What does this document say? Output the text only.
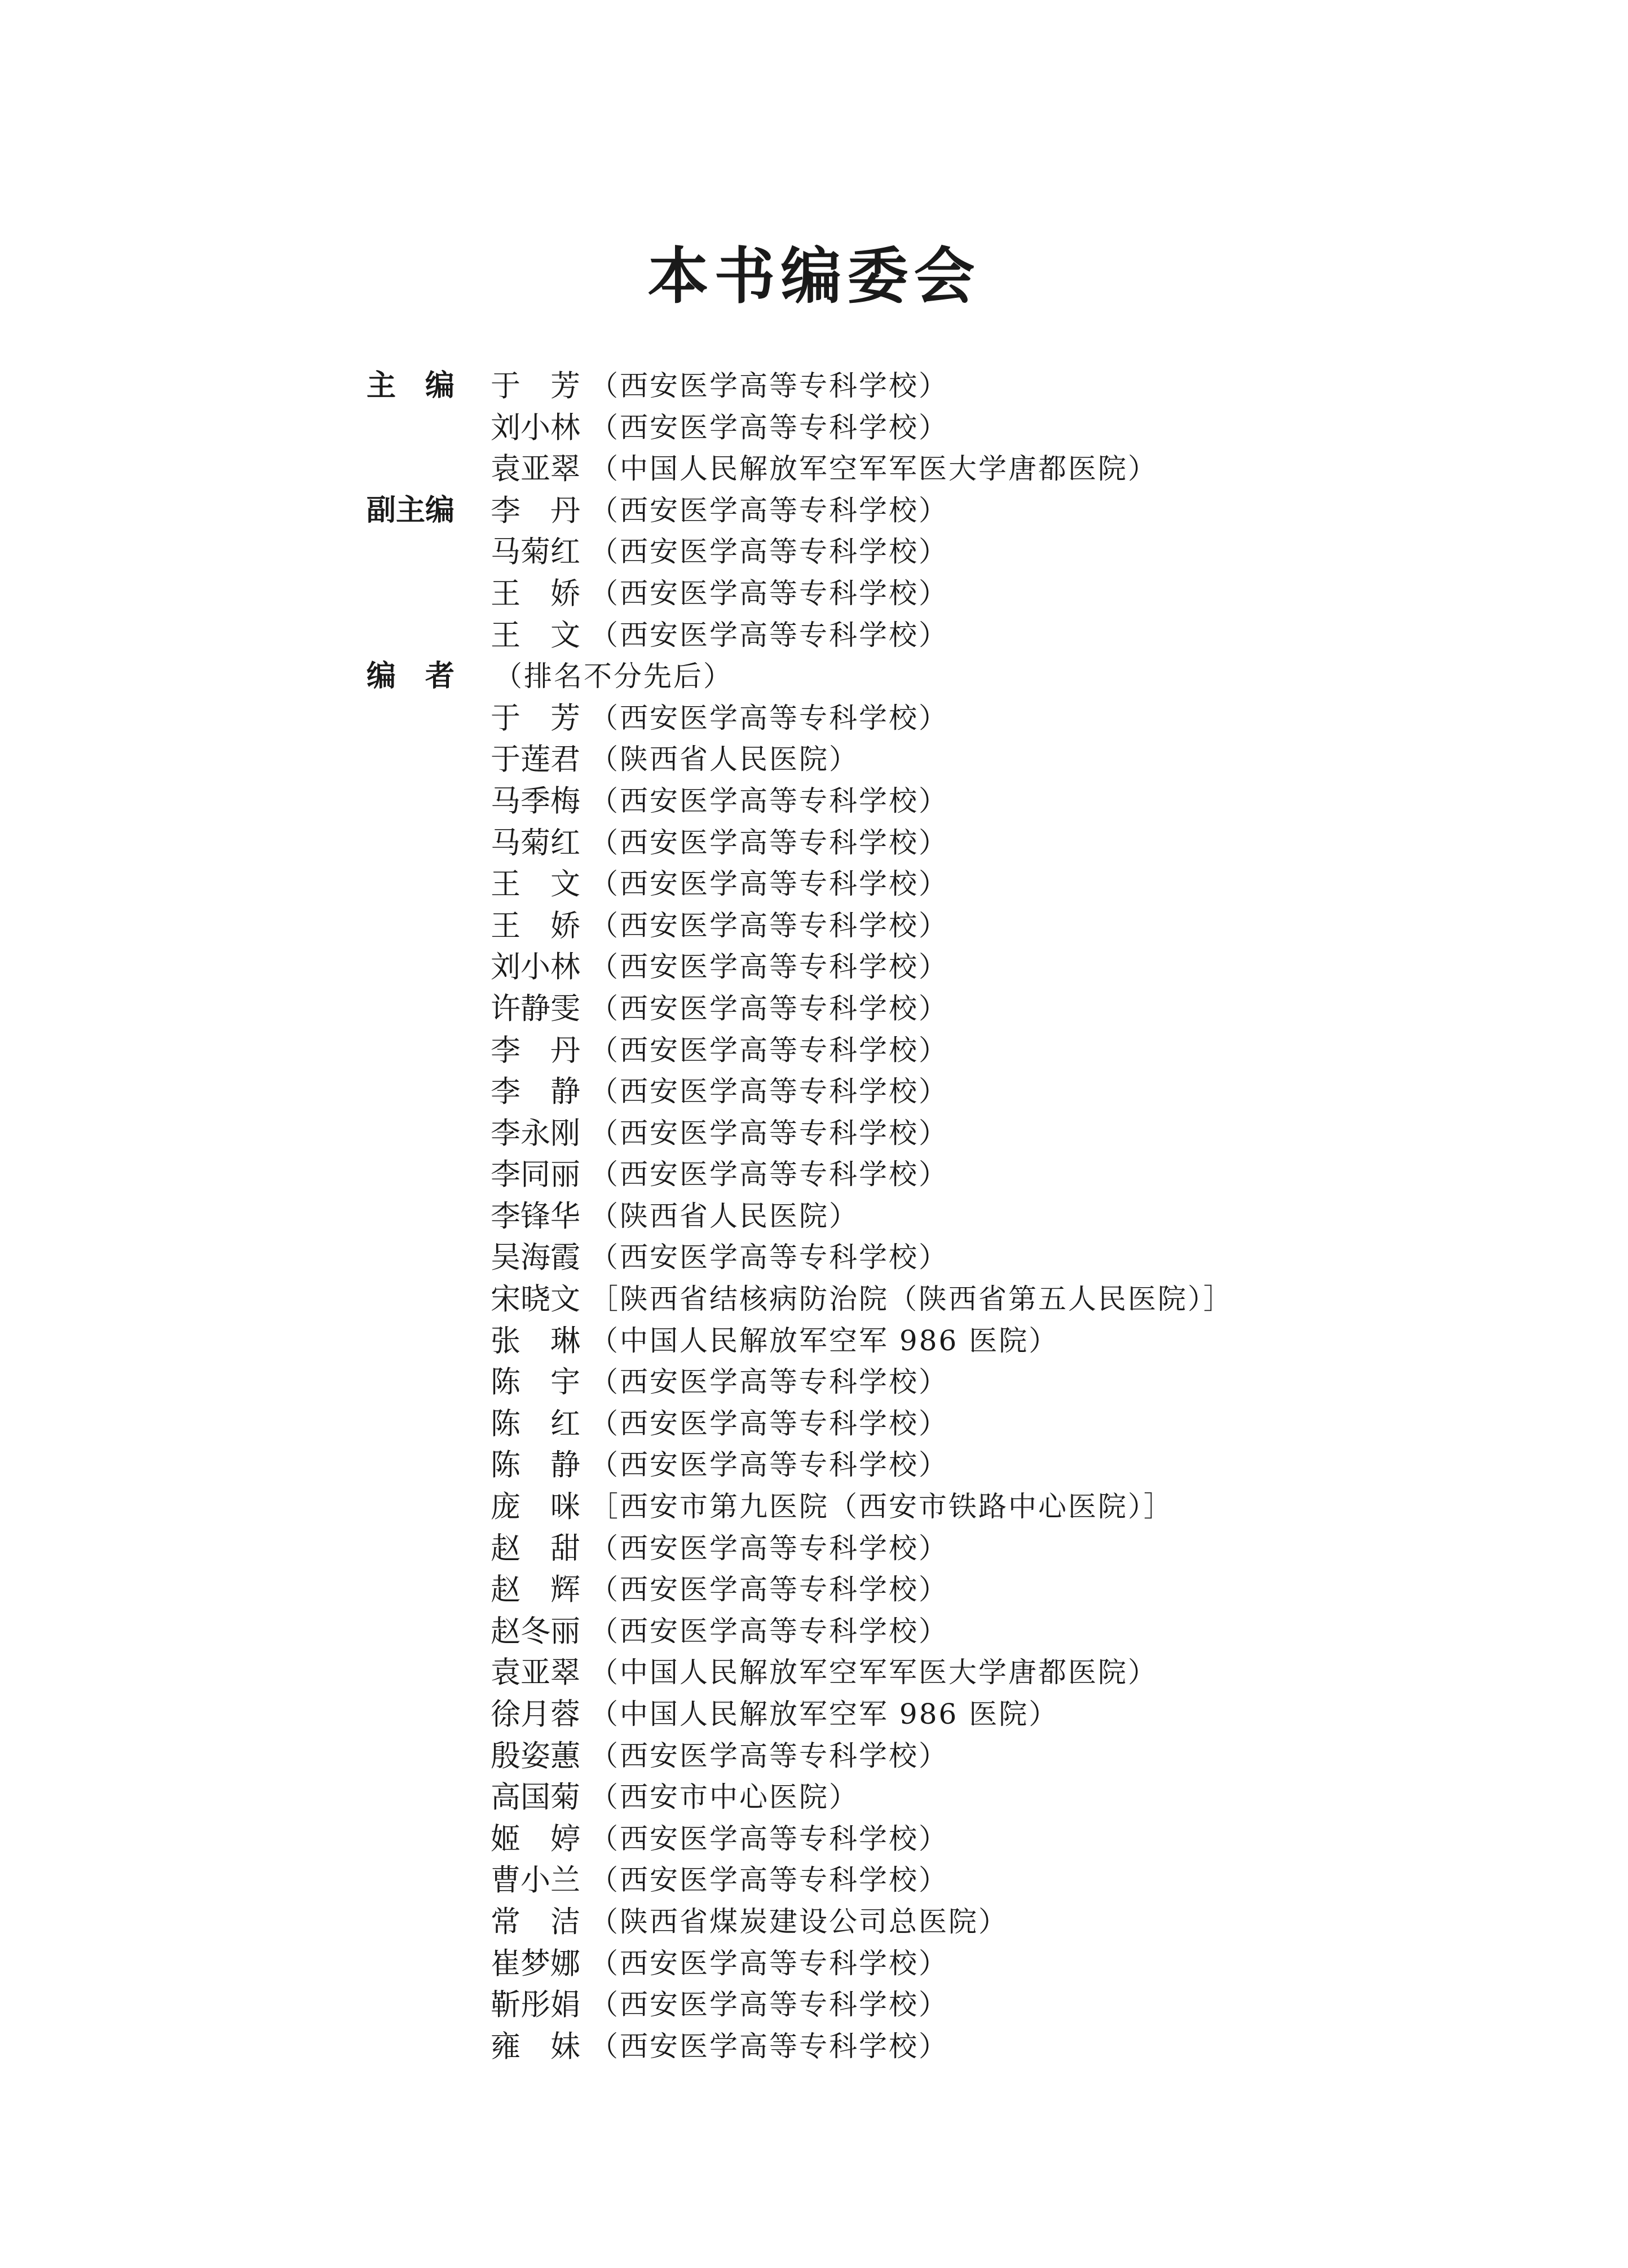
本书编委会
主　编	于　芳 （西安医学高等专科学校）
刘小林 （西安医学高等专科学校）
袁亚翠 （中国人民解放军空军军医大学唐都医院）
副主编	李　丹 （西安医学高等专科学校）
马菊红 （西安医学高等专科学校）
王　娇 （西安医学高等专科学校）
王　文 （西安医学高等专科学校）
编　者	（排名不分先后）
于　芳 （西安医学高等专科学校）
于莲君 （陕西省人民医院）
马季梅 （西安医学高等专科学校）
马菊红 （西安医学高等专科学校）
王　文 （西安医学高等专科学校）
王　娇 （西安医学高等专科学校）
刘小林 （西安医学高等专科学校）
许静雯 （西安医学高等专科学校）
李　丹 （西安医学高等专科学校）
李　静 （西安医学高等专科学校）
李永刚 （西安医学高等专科学校）
李同丽 （西安医学高等专科学校）
李锋华 （陕西省人民医院）
吴海霞 （西安医学高等专科学校）
宋晓文 ［陕西省结核病防治院（陕西省第五人民医院）］
张　琳 （中国人民解放军空军 986 医院）
陈　宇 （西安医学高等专科学校）
陈　红 （西安医学高等专科学校）
陈　静 （西安医学高等专科学校）
庞　咪 ［西安市第九医院（西安市铁路中心医院）］
赵　甜 （西安医学高等专科学校）
赵　辉 （西安医学高等专科学校）
赵冬丽 （西安医学高等专科学校）
袁亚翠 （中国人民解放军空军军医大学唐都医院）
徐月蓉 （中国人民解放军空军 986 医院）
殷姿蕙 （西安医学高等专科学校）
高国菊 （西安市中心医院）
姬　婷 （西安医学高等专科学校）
曹小兰 （西安医学高等专科学校）
常　洁 （陕西省煤炭建设公司总医院）
崔梦娜 （西安医学高等专科学校）
靳彤娟 （西安医学高等专科学校）
雍　妹 （西安医学高等专科学校）
